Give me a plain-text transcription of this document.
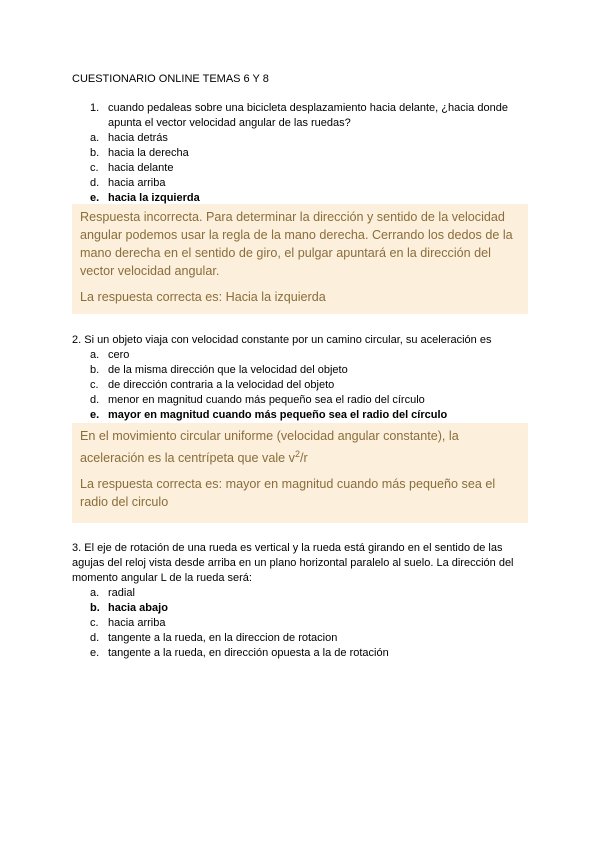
CUESTIONARIO ONLINE TEMAS 6 Y 8
1. cuando pedaleas sobre una bicicleta desplazamiento hacia delante, ¿hacia donde apunta el vector velocidad angular de las ruedas?
a. hacia detrás
b. hacia la derecha
c. hacia delante
d. hacia arriba
e. hacia la izquierda

Respuesta incorrecta. Para determinar la dirección y sentido de la velocidad angular podemos usar la regla de la mano derecha. Cerrando los dedos de la mano derecha en el sentido de giro, el pulgar apuntará en la dirección del vector velocidad angular.

La respuesta correcta es: Hacia la izquierda

2. Si un objeto viaja con velocidad constante por un camino circular, su aceleración es
a. cero
b. de la misma dirección que la velocidad del objeto
c. de dirección contraria a la velocidad del objeto
d. menor en magnitud cuando más pequeño sea el radio del círculo
e. mayor en magnitud cuando más pequeño sea el radio del círculo

En el movimiento circular uniforme (velocidad angular constante), la aceleración es la centrípeta que vale $v^2/r$

La respuesta correcta es: mayor en magnitud cuando más pequeño sea el radio del circulo

3. El eje de rotación de una rueda es vertical y la rueda está girando en el sentido de las agujas del reloj vista desde arriba en un plano horizontal paralelo al suelo. La dirección del momento angular L de la rueda será:
a. radial
b. hacia abajo
c. hacia arriba
d. tangente a la rueda, en la direccion de rotacion
e. tangente a la rueda, en dirección opuesta a la de rotación
